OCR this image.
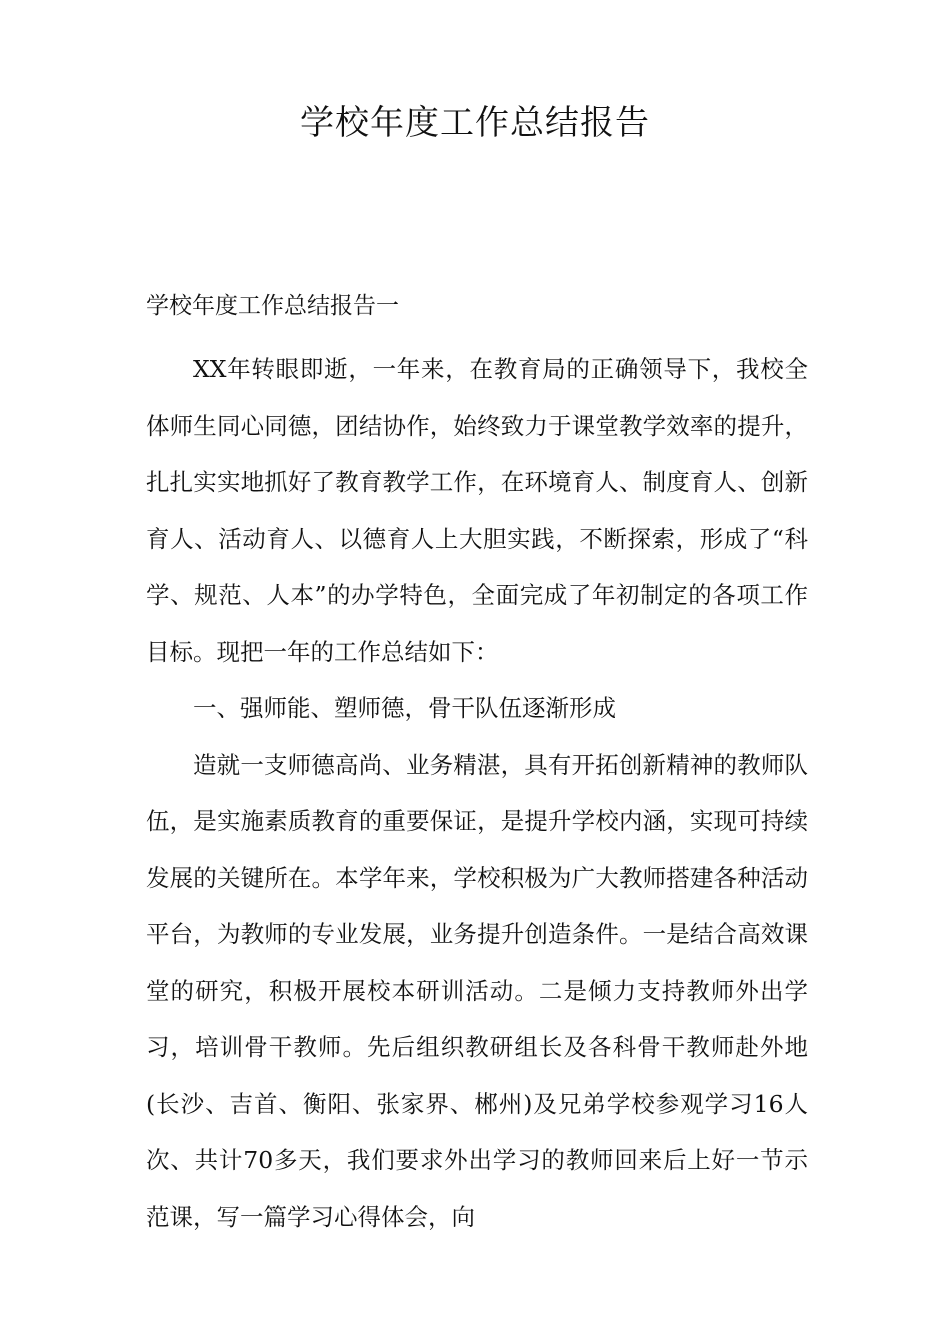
学校年度工作总结报告

学校年度工作总结报告一

XX年转眼即逝，一年来，在教育局的正确领导下，我校全体师生同心同德，团结协作，始终致力于课堂教学效率的提升，扎扎实实地抓好了教育教学工作，在环境育人、制度育人、创新育人、活动育人、以德育人上大胆实践，不断探索，形成了“科学、规范、人本”的办学特色，全面完成了年初制定的各项工作目标。现把一年的工作总结如下：

一、强师能、塑师德，骨干队伍逐渐形成

造就一支师德高尚、业务精湛，具有开拓创新精神的教师队伍，是实施素质教育的重要保证，是提升学校内涵，实现可持续发展的关键所在。本学年来，学校积极为广大教师搭建各种活动平台，为教师的专业发展，业务提升创造条件。一是结合高效课堂的研究，积极开展校本研训活动。二是倾力支持教师外出学习，培训骨干教师。先后组织教研组长及各科骨干教师赴外地(长沙、吉首、衡阳、张家界、郴州)及兄弟学校参观学习16人次、共计70多天，我们要求外出学习的教师回来后上好一节示范课，写一篇学习心得体会，向
